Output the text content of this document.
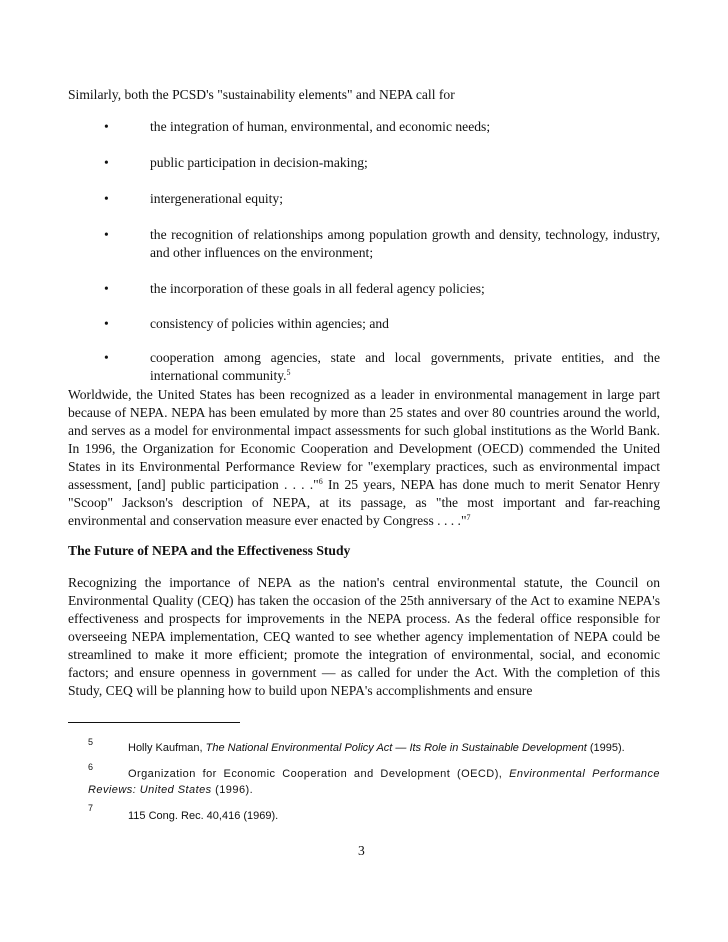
Similarly, both the PCSD's "sustainability elements" and NEPA call for
•	the integration of human, environmental, and economic needs;
•	public participation in decision-making;
•	intergenerational equity;
•	the recognition of relationships among population growth and density, technology, industry, and other influences on the environment;
•	the incorporation of these goals in all federal agency policies;
•	consistency of policies within agencies; and
•	cooperation among agencies, state and local governments, private entities, and the international community.$^5$
Worldwide, the United States has been recognized as a leader in environmental management in large part because of NEPA. NEPA has been emulated by more than 25 states and over 80 countries around the world, and serves as a model for environmental impact assessments for such global institutions as the World Bank. In 1996, the Organization for Economic Cooperation and Development (OECD) commended the United States in its Environmental Performance Review for "exemplary practices, such as environmental impact assessment, [and] public participation . . . ."$^6$ In 25 years, NEPA has done much to merit Senator Henry "Scoop" Jackson's description of NEPA, at its passage, as "the most important and far-reaching environmental and conservation measure ever enacted by Congress . . . ."$^7$
The Future of NEPA and the Effectiveness Study
Recognizing the importance of NEPA as the nation's central environmental statute, the Council on Environmental Quality (CEQ) has taken the occasion of the 25th anniversary of the Act to examine NEPA's effectiveness and prospects for improvements in the NEPA process. As the federal office responsible for overseeing NEPA implementation, CEQ wanted to see whether agency implementation of NEPA could be streamlined to make it more efficient; promote the integration of environmental, social, and economic factors; and ensure openness in government — as called for under the Act. With the completion of this Study, CEQ will be planning how to build upon NEPA's accomplishments and ensure
5	Holly Kaufman, The National Environmental Policy Act — Its Role in Sustainable Development (1995).
6
Organization for Economic Cooperation and Development (OECD), Environmental Performance Reviews: United States (1996).
7
115 Cong. Rec. 40,416 (1969).
3
